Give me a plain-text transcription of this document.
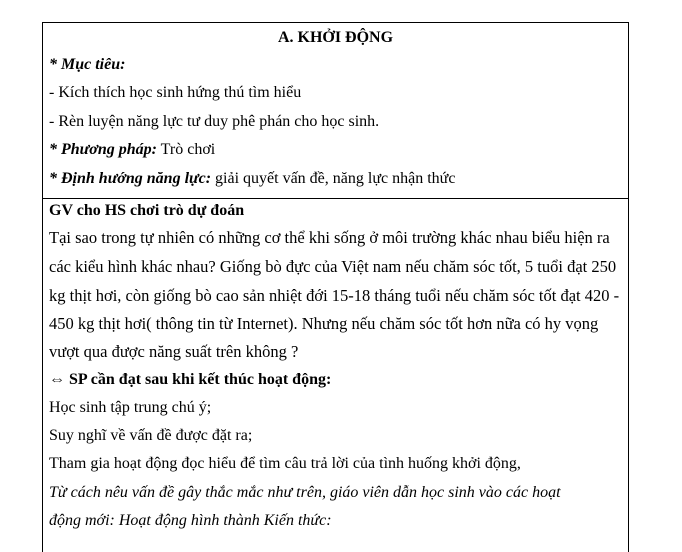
A. KHỞI ĐỘNG
* Mục tiêu:
- Kích thích học sinh hứng thú tìm hiểu
- Rèn luyện năng lực tư duy phê phán cho học sinh.
* Phương pháp: Trò chơi
* Định hướng năng lực: giải quyết vấn đề, năng lực nhận thức
GV cho HS chơi trò dự đoán
Tại sao trong tự nhiên có những cơ thể khi sống ở môi trường khác nhau biểu hiện ra
các kiểu hình khác nhau? Giống bò đực của Việt nam nếu chăm sóc tốt, 5 tuổi đạt 250
kg thịt hơi, còn giống bò cao sản nhiệt đới 15-18 tháng tuổi nếu chăm sóc tốt đạt 420 -
450 kg thịt hơi( thông tin từ Internet). Nhưng nếu chăm sóc tốt hơn nữa có hy vọng
vượt qua được năng suất trên không ?
⇔ SP cần đạt sau khi kết thúc hoạt động:
Học sinh tập trung chú ý;
Suy nghĩ về vấn đề được đặt ra;
Tham gia hoạt động đọc hiểu để tìm câu trả lời của tình huống khởi động,
Từ cách nêu vấn đề gây thắc mắc như trên, giáo viên dẫn học sinh vào các hoạt
động mới: Hoạt động hình thành Kiến thức:
